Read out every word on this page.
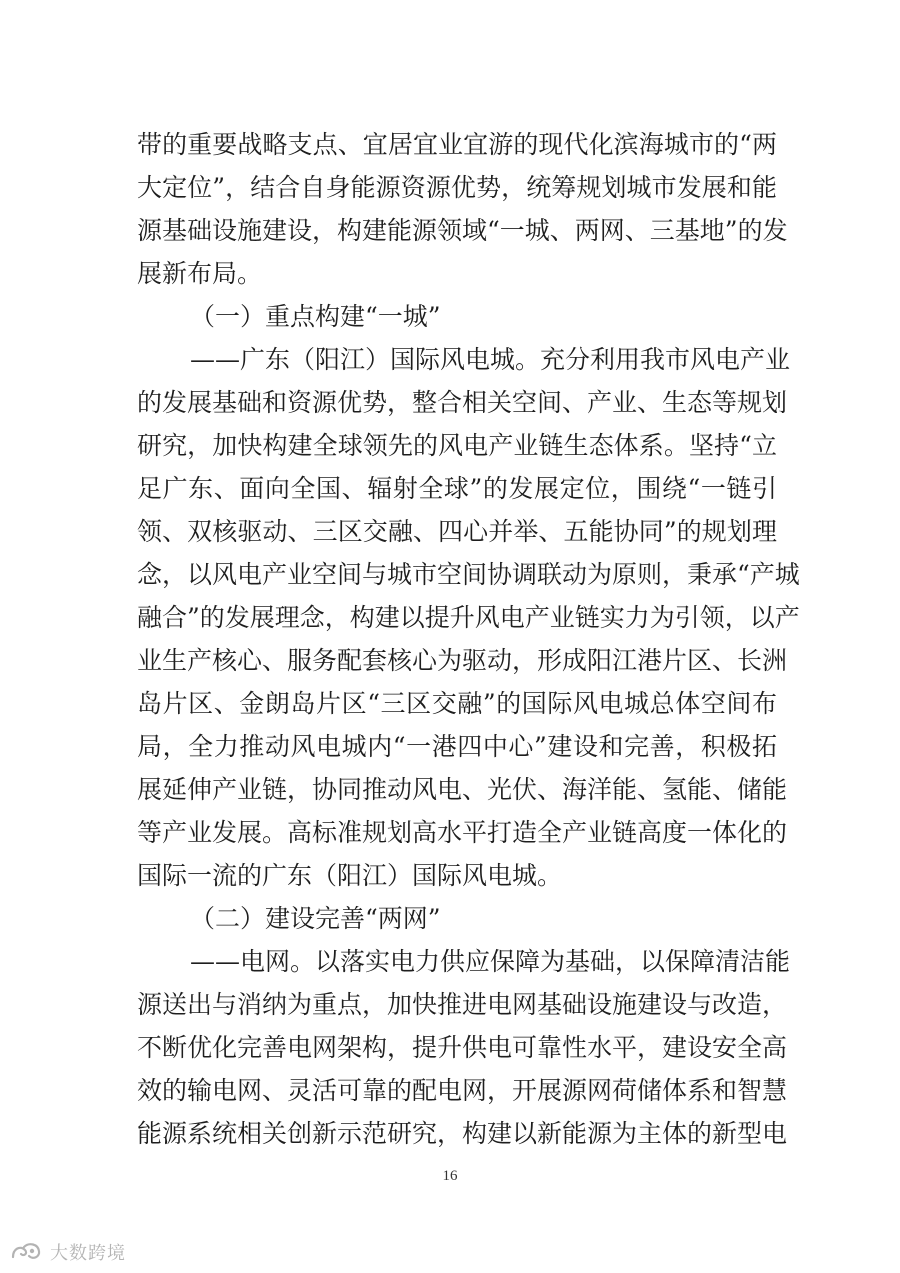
带的重要战略支点、宜居宜业宜游的现代化滨海城市的“两
大定位”，结合自身能源资源优势，统筹规划城市发展和能
源基础设施建设，构建能源领域“一城、两网、三基地”的发
展新布局。
（一）重点构建“一城”
——广东（阳江）国际风电城。充分利用我市风电产业
的发展基础和资源优势，整合相关空间、产业、生态等规划
研究，加快构建全球领先的风电产业链生态体系。坚持“立
足广东、面向全国、辐射全球”的发展定位，围绕“一链引
领、双核驱动、三区交融、四心并举、五能协同”的规划理
念，以风电产业空间与城市空间协调联动为原则，秉承“产城
融合”的发展理念，构建以提升风电产业链实力为引领，以产
业生产核心、服务配套核心为驱动，形成阳江港片区、长洲
岛片区、金朗岛片区“三区交融”的国际风电城总体空间布
局，全力推动风电城内“一港四中心”建设和完善，积极拓
展延伸产业链，协同推动风电、光伏、海洋能、氢能、储能
等产业发展。高标准规划高水平打造全产业链高度一体化的
国际一流的广东（阳江）国际风电城。
（二）建设完善“两网”
——电网。以落实电力供应保障为基础，以保障清洁能
源送出与消纳为重点，加快推进电网基础设施建设与改造，
不断优化完善电网架构，提升供电可靠性水平，建设安全高
效的输电网、灵活可靠的配电网，开展源网荷储体系和智慧
能源系统相关创新示范研究，构建以新能源为主体的新型电
16
大数跨境
